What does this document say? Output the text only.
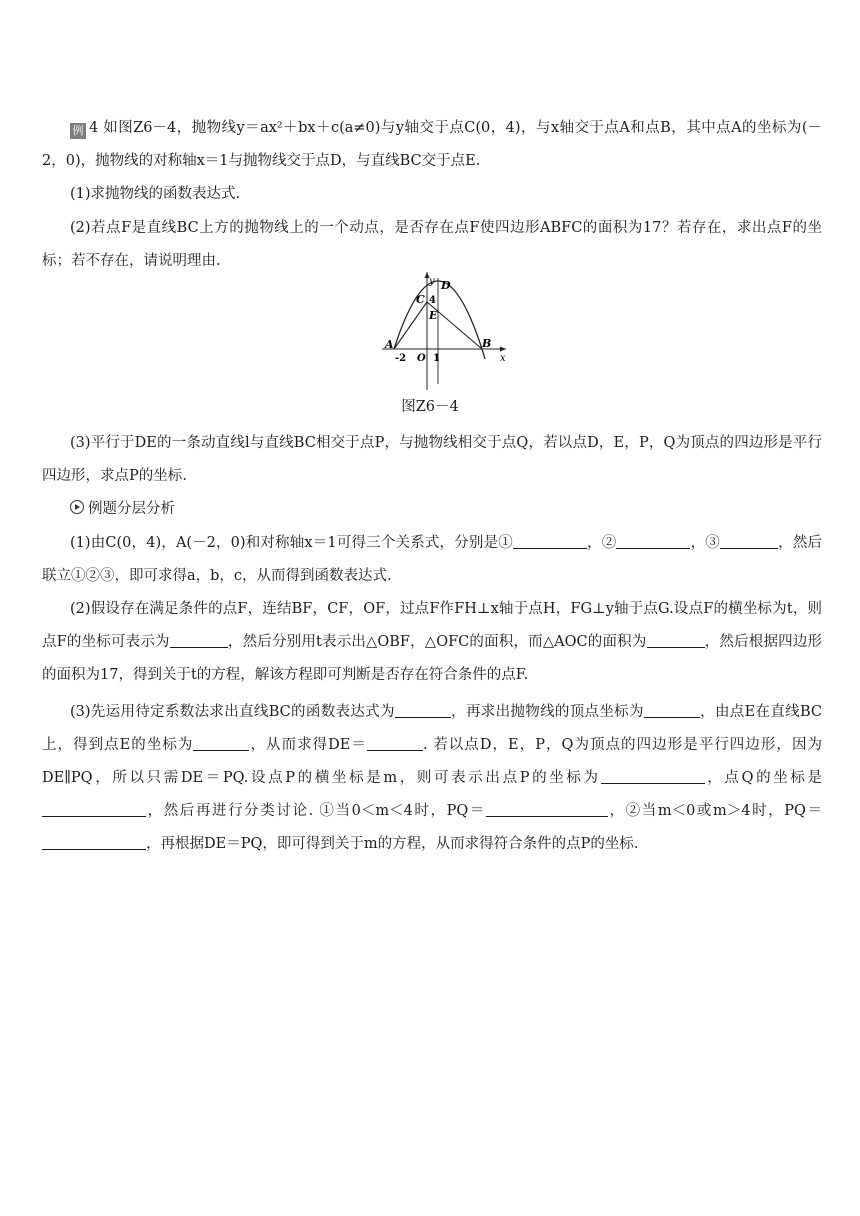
例 4 如图Z6－4，抛物线y＝ax²＋bx＋c(a≠0)与y轴交于点C(0，4)，与x轴交于点A和点B，其中点A的坐标为(－2，0)，抛物线的对称轴x＝1与抛物线交于点D，与直线BC交于点E.

(1)求抛物线的函数表达式.

(2)若点F是直线BC上方的抛物线上的一个动点，是否存在点F使四边形ABFC的面积为17？若存在，求出点F的坐标；若不存在，请说明理由.

y
x
D
C 4
E
A	B
-2 O 1
图Z6－4

(3)平行于DE的一条动直线l与直线BC相交于点P，与抛物线相交于点Q，若以点D，E，P，Q为顶点的四边形是平行四边形，求点P的坐标.

例题分层分析

(1)由C(0，4)，A(－2，0)和对称轴x＝1可得三个关系式，分别是①	，②	，③	，然后联立①②③，即可求得a，b，c，从而得到函数表达式.

(2)假设存在满足条件的点F，连结BF，CF，OF，过点F作FH⊥x轴于点H，FG⊥y轴于点G.设点F的横坐标为t，则点F的坐标可表示为	，然后分别用t表示出△OBF，△OFC的面积，而△AOC的面积为	，然后根据四边形的面积为17，得到关于t的方程，解该方程即可判断是否存在符合条件的点F.

(3)先运用待定系数法求出直线BC的函数表达式为	，再求出抛物线的顶点坐标为	，由点E在直线BC上，得到点E的坐标为	，从而求得DE＝	. 若以点D，E，P，Q为顶点的四边形是平行四边形，因为DE∥PQ，所以只需DE＝PQ.设点P的横坐标是m，则可表示出点P的坐标为	，点Q的坐标是，然后再进行分类讨论. ①当0＜m＜4时，PQ＝	，②当m＜0或m＞4时，PQ＝，再根据DE＝PQ，即可得到关于m的方程，从而求得符合条件的点P的坐标.
